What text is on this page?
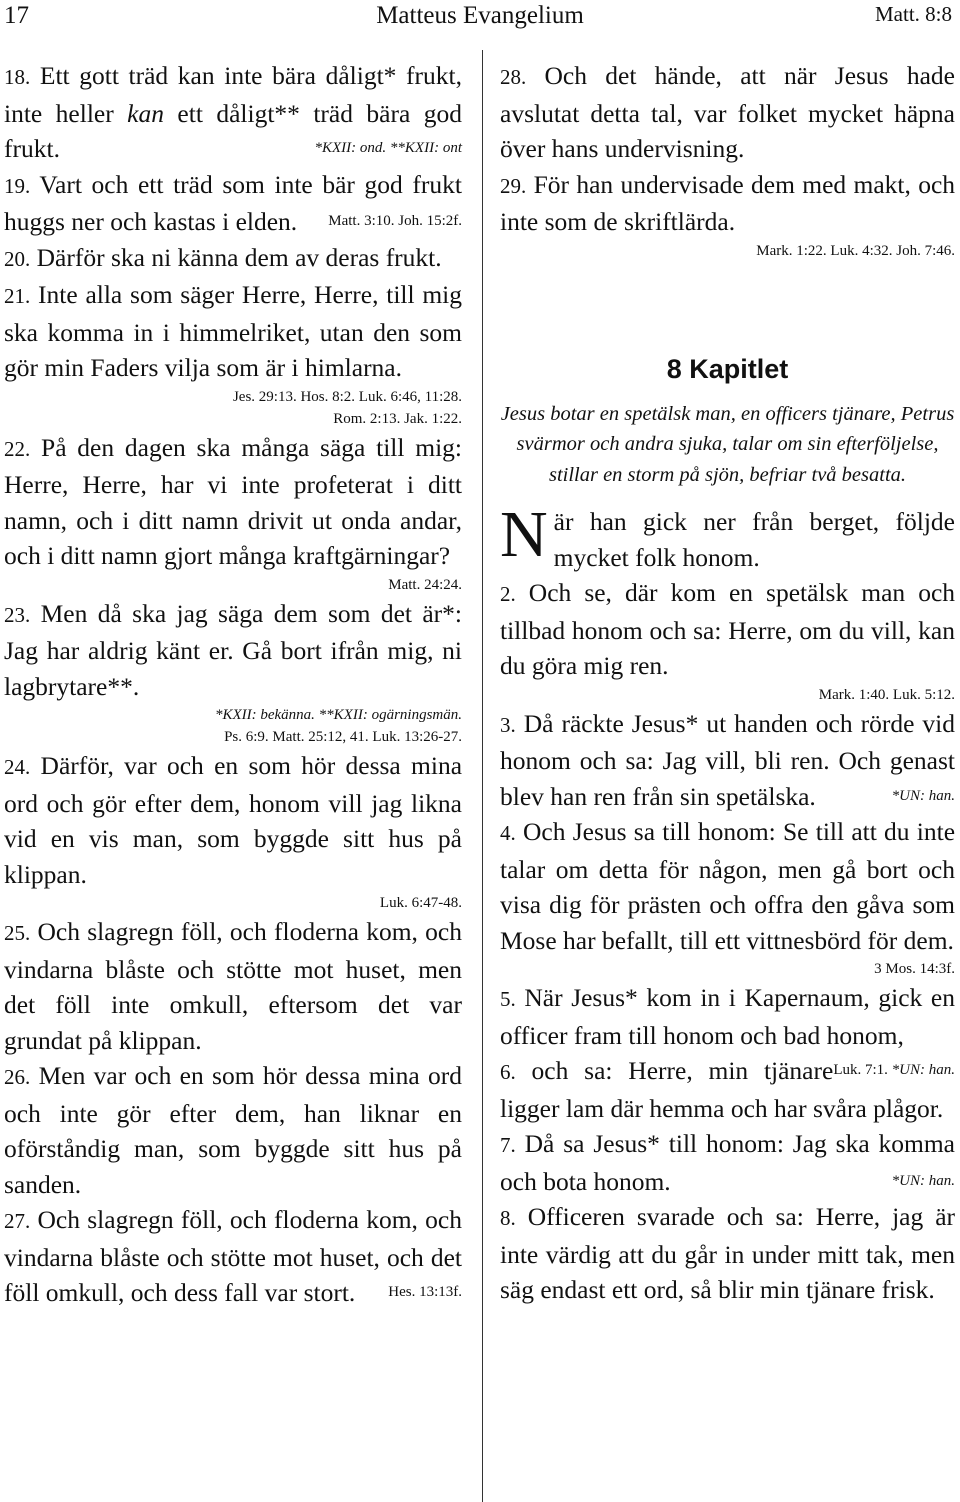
17	Matteus Evangelium	Matt. 8:8

18. Ett gott träd kan inte bära dåligt* frukt, inte heller kan ett dåligt** träd bära god frukt.	*KXII: ond. **KXII: ont

19. Vart och ett träd som inte bär god frukt huggs ner och kastas i elden. Matt. 3:10. Joh. 15:2f.

20. Därför ska ni känna dem av deras frukt.

21. Inte alla som säger Herre, Herre, till mig ska komma in i himmelriket, utan den som gör min Faders vilja som är i himlarna.

Jes. 29:13. Hos. 8:2. Luk. 6:46, 11:28.

Rom. 2:13. Jak. 1:22.

22. På den dagen ska många säga till mig: Herre, Herre, har vi inte profeterat i ditt namn, och i ditt namn drivit ut onda andar, och i ditt namn gjort många kraftgärningar?

Matt. 24:24.

23. Men då ska jag säga dem som det är*: Jag har aldrig känt er. Gå bort ifrån mig, ni lagbrytare**.

*KXII: bekänna. **KXII: ogärningsmän.

Ps. 6:9. Matt. 25:12, 41. Luk. 13:26-27.

24. Därför, var och en som hör dessa mina ord och gör efter dem, honom vill jag likna vid en vis man, som byggde sitt hus på klippan.

Luk. 6:47-48.

25. Och slagregn föll, och floderna kom, och vindarna blåste och stötte mot huset, men det föll inte omkull, eftersom det var grundat på klippan.

26. Men var och en som hör dessa mina ord och inte gör efter dem, han liknar en oförståndig man, som byggde sitt hus på sanden.

27. Och slagregn föll, och floderna kom, och vindarna blåste och stötte mot huset, och det föll omkull, och dess fall var stort. Hes. 13:13f.

28. Och det hände, att när Jesus hade avslutat detta tal, var folket mycket häpna över hans undervisning.

29. För han undervisade dem med makt, och inte som de skriftlärda.

Mark. 1:22. Luk. 4:32. Joh. 7:46.

8 Kapitlet

Jesus botar en spetälsk man, en officers tjänare, Petrus svärmor och andra sjuka, talar om sin efterföljelse, stillar en storm på sjön, befriar två besatta.

När han gick ner från berget, följde mycket folk honom.

2. Och se, där kom en spetälsk man och tillbad honom och sa: Herre, om du vill, kan du göra mig ren.

Mark. 1:40. Luk. 5:12.

3. Då räckte Jesus* ut handen och rörde vid honom och sa: Jag vill, bli ren. Och genast blev han ren från sin spetälska.	*UN: han.

4. Och Jesus sa till honom: Se till att du inte talar om detta för någon, men gå bort och visa dig för prästen och offra den gåva som Mose har befallt, till ett vittnesbörd för dem.

3 Mos. 14:3f.

5. När Jesus* kom in i Kapernaum, gick en officer fram till honom och bad honom,
Luk. 7:1. *UN: han.

6. och sa: Herre, min tjänare ligger lam där hemma och har svåra plågor.

7. Då sa Jesus* till honom: Jag ska komma och bota honom.	*UN: han.

8. Officeren svarade och sa: Herre, jag är inte värdig att du går in under mitt tak, men säg endast ett ord, så blir min tjänare frisk.
